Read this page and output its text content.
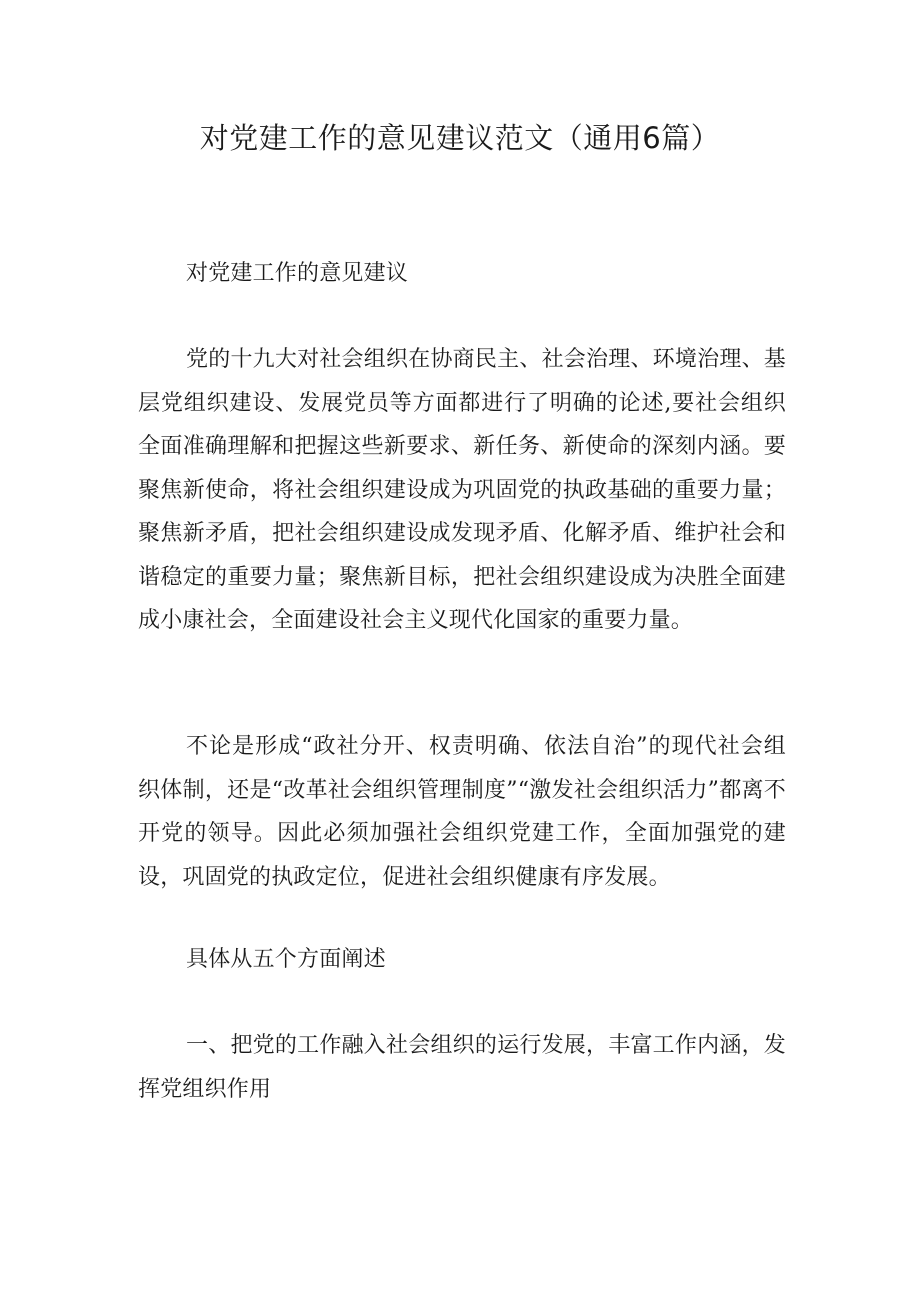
对党建工作的意见建议范文（通用6篇）

对党建工作的意见建议

党的十九大对社会组织在协商民主、社会治理、环境治理、基层党组织建设、发展党员等方面都进行了明确的论述,要社会组织全面准确理解和把握这些新要求、新任务、新使命的深刻内涵。要聚焦新使命，将社会组织建设成为巩固党的执政基础的重要力量；聚焦新矛盾，把社会组织建设成发现矛盾、化解矛盾、维护社会和谐稳定的重要力量；聚焦新目标，把社会组织建设成为决胜全面建成小康社会，全面建设社会主义现代化国家的重要力量。

不论是形成“政社分开、权责明确、依法自治”的现代社会组织体制，还是“改革社会组织管理制度”“激发社会组织活力”都离不开党的领导。因此必须加强社会组织党建工作，全面加强党的建设，巩固党的执政定位，促进社会组织健康有序发展。

具体从五个方面阐述

一、把党的工作融入社会组织的运行发展，丰富工作内涵，发挥党组织作用
